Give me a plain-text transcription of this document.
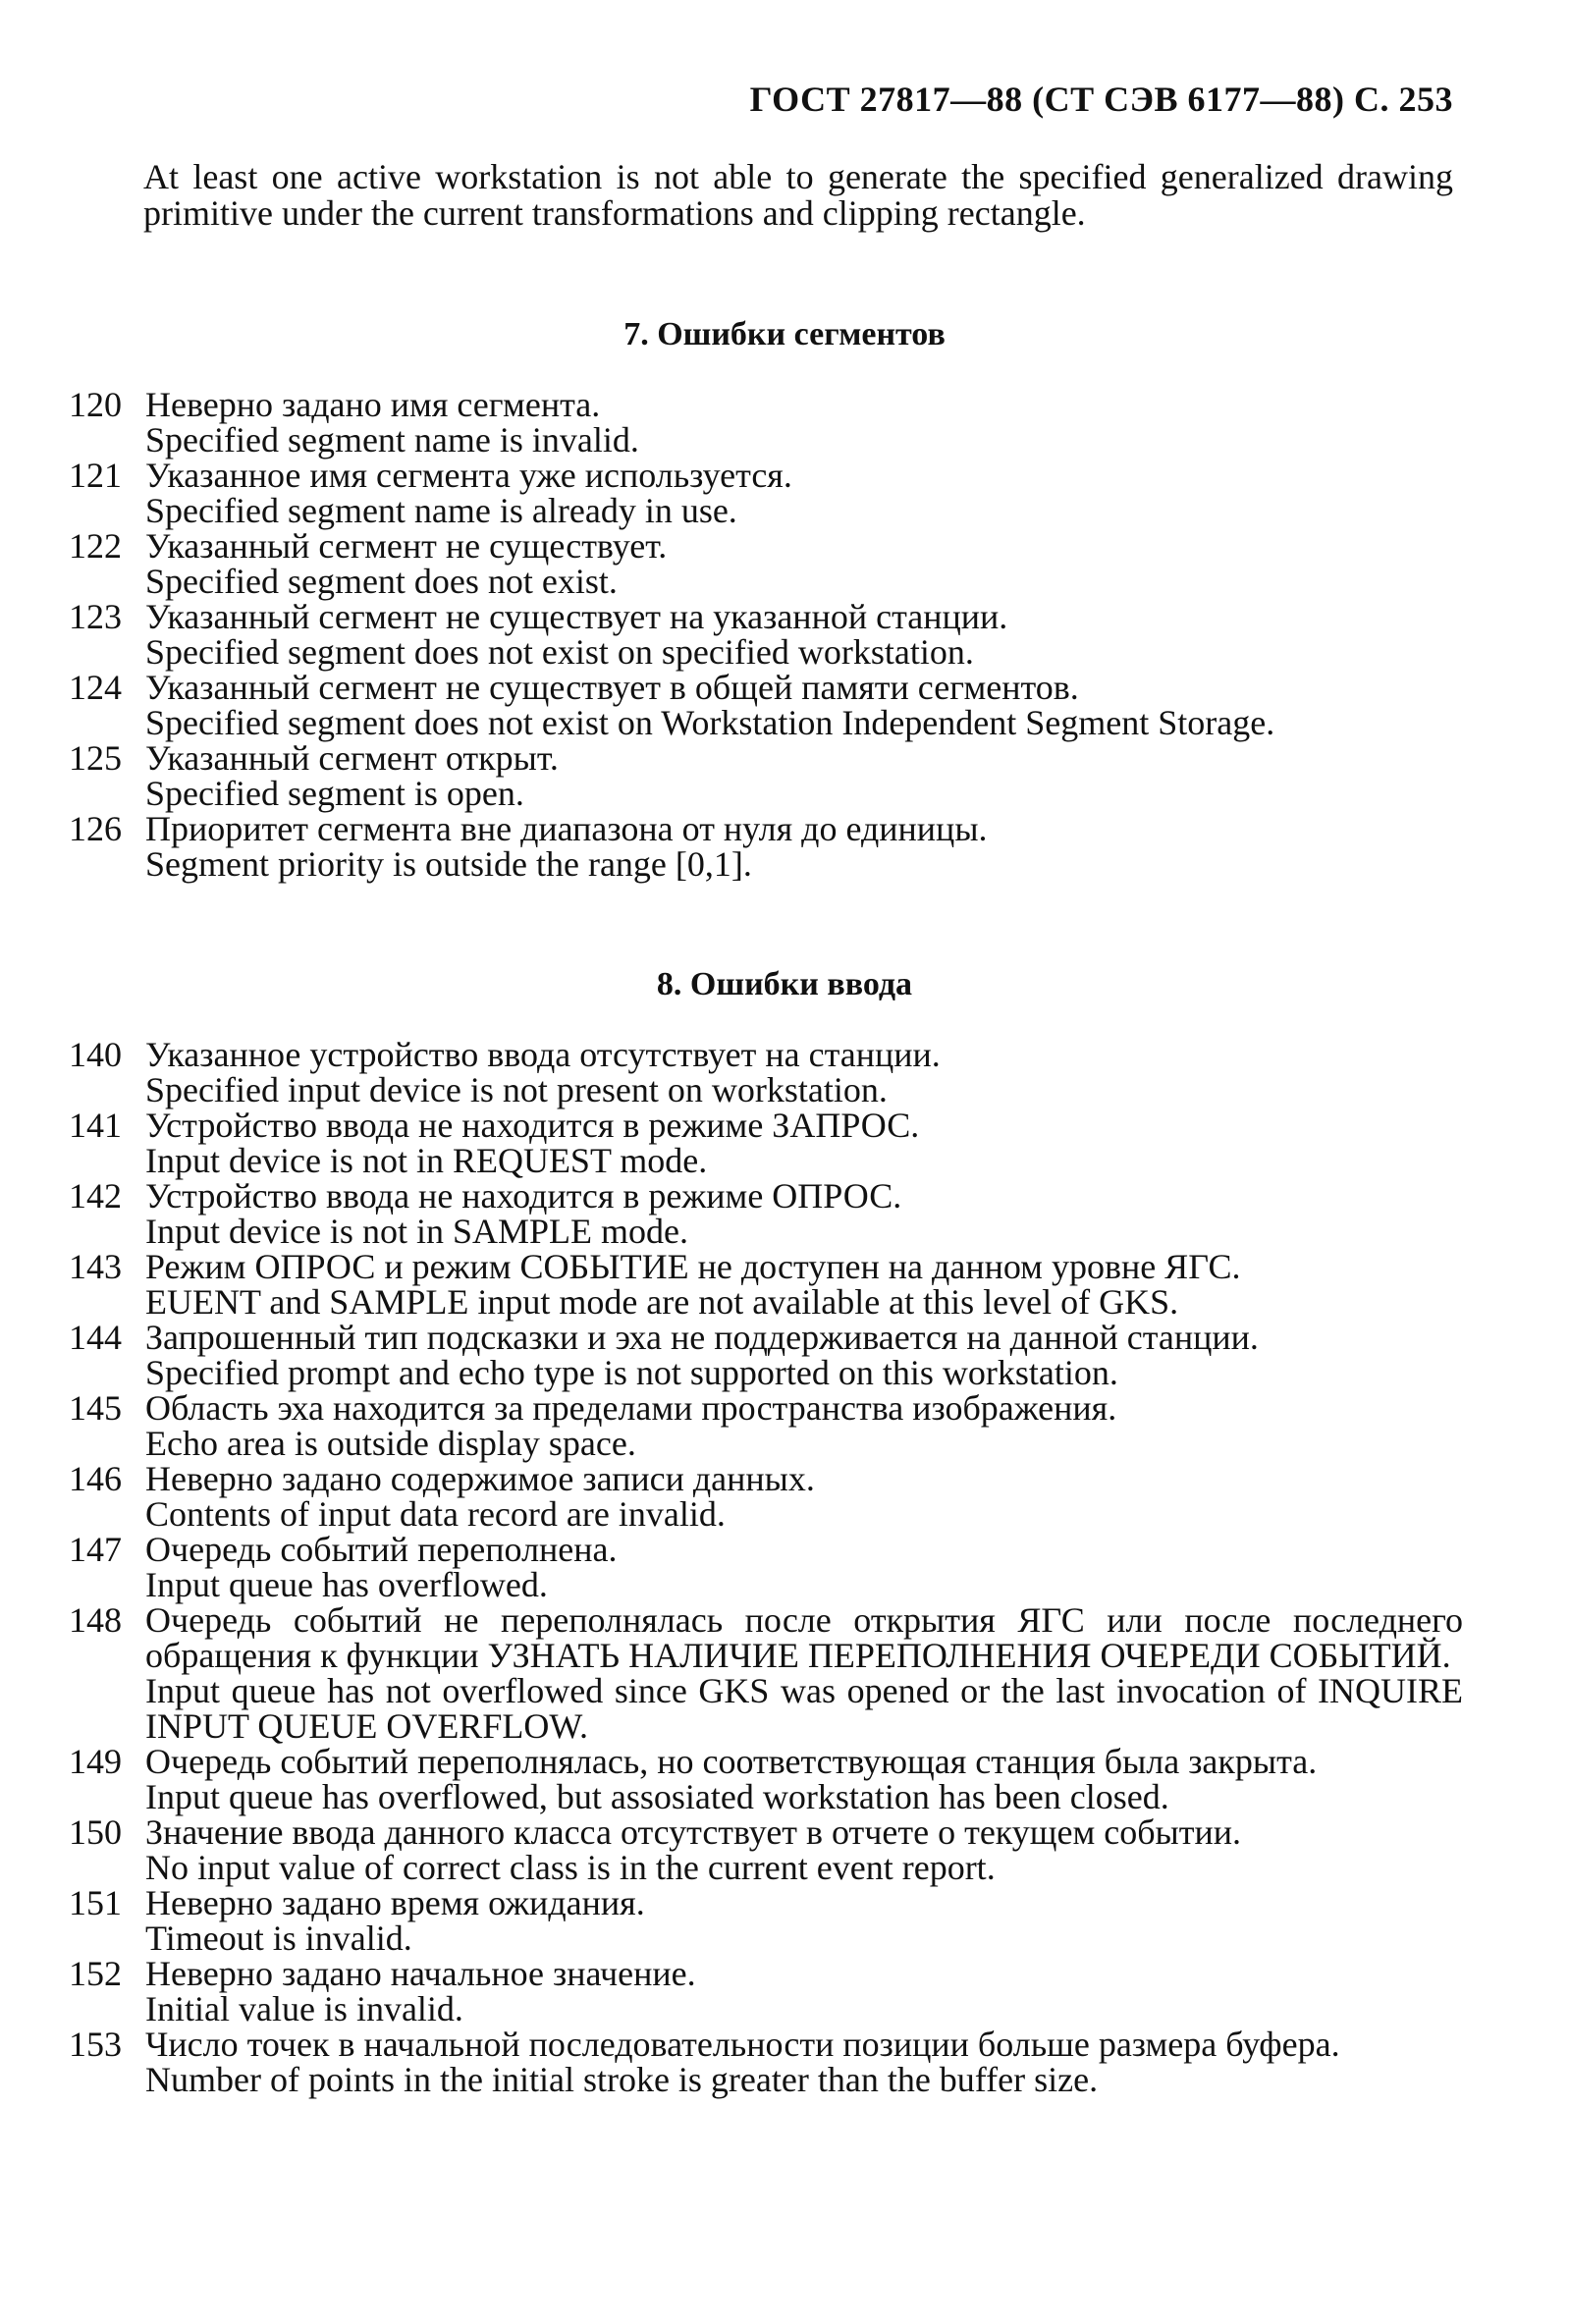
ГОСТ 27817—88 (СТ СЭВ 6177—88) С. 253
At least one active workstation is not able to generate the specified generalized drawing primitive under the current transformations and clipping rectangle.
7. Ошибки сегментов
120 Неверно задано имя сегмента.
Specified segment name is invalid.
121 Указанное имя сегмента уже используется.
Specified segment name is already in use.
122 Указанный сегмент не существует.
Specified segment does not exist.
123 Указанный сегмент не существует на указанной станции.
Specified segment does not exist on specified workstation.
124 Указанный сегмент не существует в общей памяти сегментов.
Specified segment does not exist on Workstation Independent Segment Storage.
125 Указанный сегмент открыт.
Specified segment is open.
126 Приоритет сегмента вне диапазона от нуля до единицы.
Segment priority is outside the range [0,1].
8. Ошибки ввода
140 Указанное устройство ввода отсутствует на станции.
Specified input device is not present on workstation.
141 Устройство ввода не находится в режиме ЗАПРОС.
Input device is not in REQUEST mode.
142 Устройство ввода не находится в режиме ОПРОС.
Input device is not in SAMPLE mode.
143 Режим ОПРОС и режим СОБЫТИЕ не доступен на данном уровне ЯГС.
EUENT and SAMPLE input mode are not available at this level of GKS.
144 Запрошенный тип подсказки и эха не поддерживается на данной станции.
Specified prompt and echo type is not supported on this workstation.
145 Область эха находится за пределами пространства изображения.
Echo area is outside display space.
146 Неверно задано содержимое записи данных.
Contents of input data record are invalid.
147 Очередь событий переполнена.
Input queue has overflowed.
148 Очередь событий не переполнялась после открытия ЯГС или после последнего обращения к функции УЗНАТЬ НАЛИЧИЕ ПЕРЕПОЛНЕНИЯ ОЧЕРЕДИ СОБЫТИЙ.
Input queue has not overflowed since GKS was opened or the last invocation of INQUIRE INPUT QUEUE OVERFLOW.
149 Очередь событий переполнялась, но соответствующая станция была закрыта.
Input queue has overflowed, but assosiated workstation has been closed.
150 Значение ввода данного класса отсутствует в отчете о текущем событии.
No input value of correct class is in the current event report.
151 Неверно задано время ожидания.
Timeout is invalid.
152 Неверно задано начальное значение.
Initial value is invalid.
153 Число точек в начальной последовательности позиции больше размера буфера.
Number of points in the initial stroke is greater than the buffer size.
